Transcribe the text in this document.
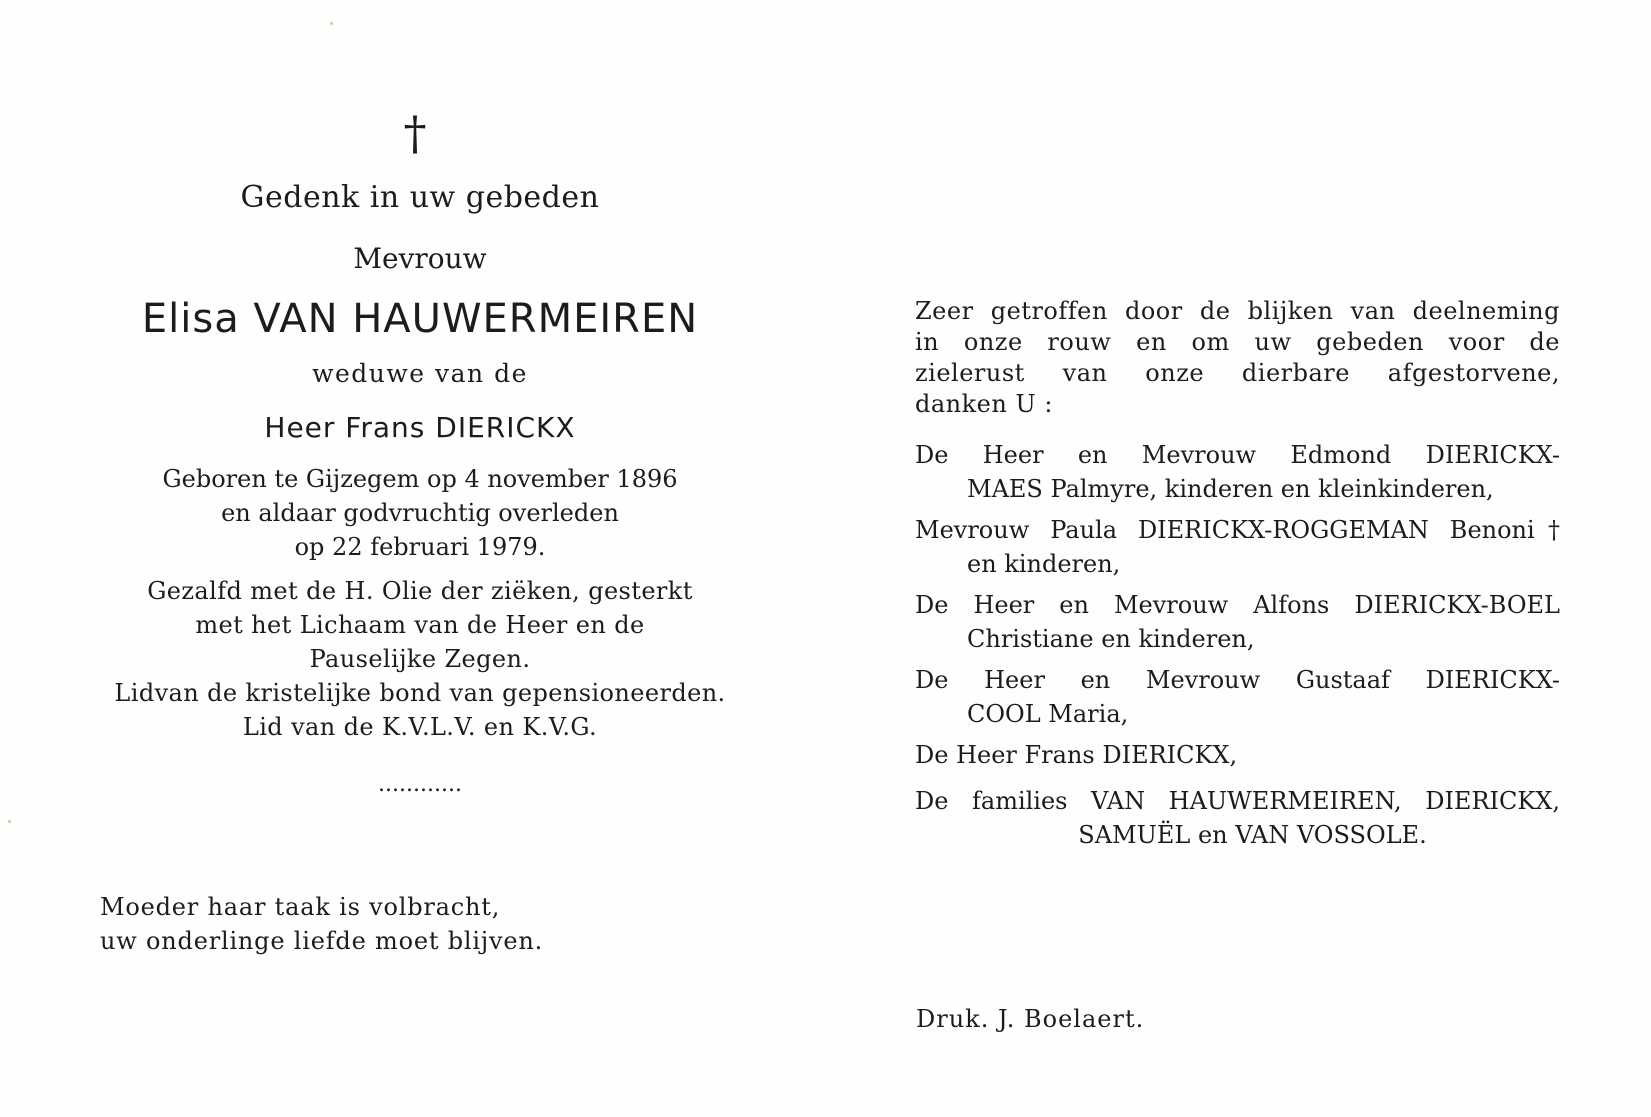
†
Gedenk in uw gebeden
Mevrouw
Elisa VAN HAUWERMEIREN
weduwe van de
Heer Frans DIERICKX
Geboren te Gijzegem op 4 november 1896
en aldaar godvruchtig overleden
op 22 februari 1979.
Gezalfd met de H. Olie der ziëken, gesterkt
met het Lichaam van de Heer en de
Pauselijke Zegen.
Lidvan de kristelijke bond van gepensioneerden.
Lid van de K.V.L.V. en K.V.G.
............
Moeder haar taak is volbracht,
uw onderlinge liefde moet blijven.
Zeer getroffen door de blijken van deelneming
in onze rouw en om uw gebeden voor de
zielerust van onze dierbare afgestorvene,
danken U :
De Heer en Mevrouw Edmond DIERICKX-
MAES Palmyre, kinderen en kleinkinderen,
Mevrouw Paula DIERICKX-ROGGEMAN Benoni†
en kinderen,
De Heer en Mevrouw Alfons DIERICKX-BOEL
Christiane en kinderen,
De Heer en Mevrouw Gustaaf DIERICKX-
COOL Maria,
De Heer Frans DIERICKX,
De families VAN HAUWERMEIREN, DIERICKX,
SAMUËL en VAN VOSSOLE.
Druk. J. Boelaert.
